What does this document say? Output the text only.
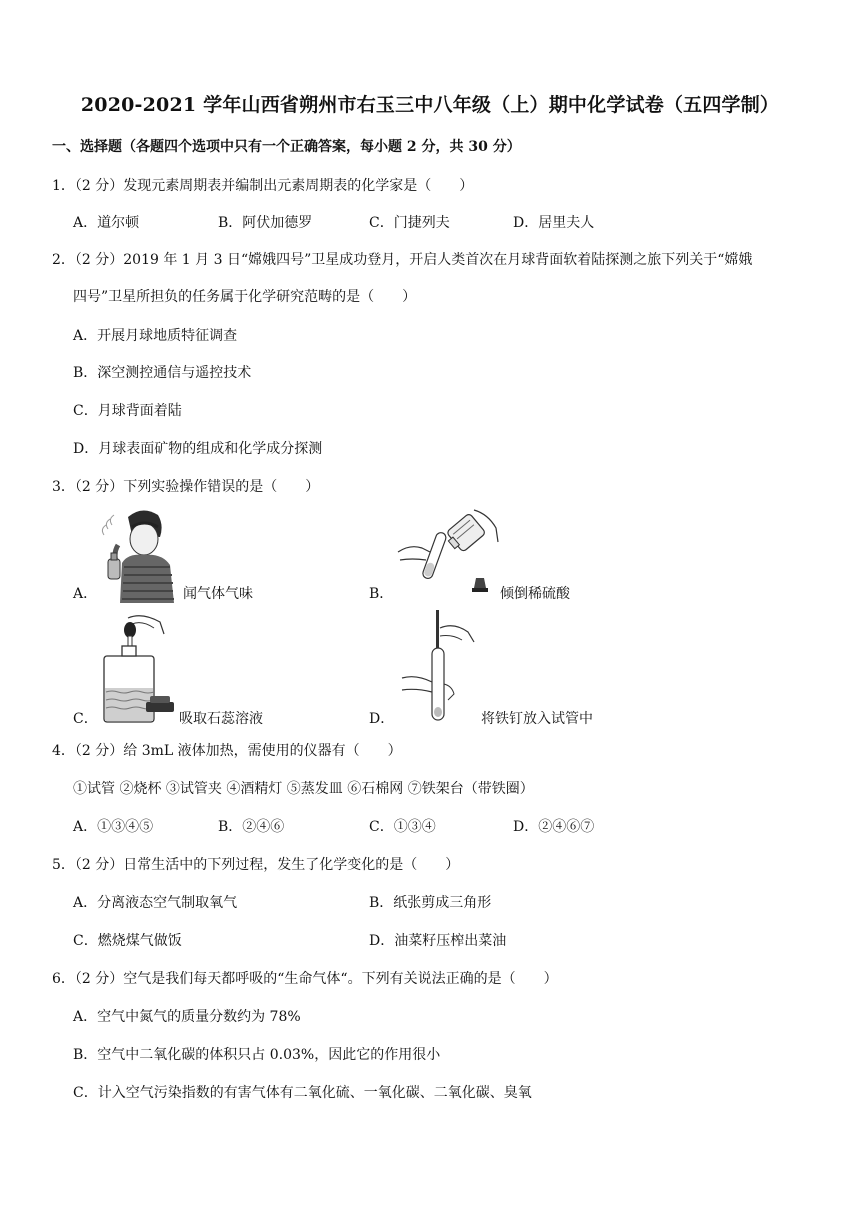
2020-2021 学年山西省朔州市右玉三中八年级（上）期中化学试卷（五四学制）
一、选择题（各题四个选项中只有一个正确答案，每小题 2 分，共 30 分）
1．（2 分）发现元素周期表并编制出元素周期表的化学家是（　　）
A．道尔顿	B．阿伏加德罗	C．门捷列夫	D．居里夫人
2．（2 分）2019 年 1 月 3 日“嫦娥四号”卫星成功登月，开启人类首次在月球背面软着陆探测之旅下列关于“嫦娥
四号”卫星所担负的任务属于化学研究范畴的是（　　）
A．开展月球地质特征调查
B．深空测控通信与遥控技术
C．月球背面着陆
D．月球表面矿物的组成和化学成分探测
3．（2 分）下列实验操作错误的是（　　）
A．	闻气体气味	B．	倾倒稀硫酸
C．	吸取石蕊溶液	D．	将铁钉放入试管中
4．（2 分）给 3mL 液体加热，需使用的仪器有（　　）
①试管 ②烧杯 ③试管夹 ④酒精灯 ⑤蒸发皿 ⑥石棉网 ⑦铁架台（带铁圈）
A．①③④⑤	B．②④⑥	C．①③④	D．②④⑥⑦
5．（2 分）日常生活中的下列过程，发生了化学变化的是（　　）
A．分离液态空气制取氧气	B．纸张剪成三角形
C．燃烧煤气做饭	D．油菜籽压榨出菜油
6．（2 分）空气是我们每天都呼吸的“生命气体“。下列有关说法正确的是（　　）
A．空气中氮气的质量分数约为 78%
B．空气中二氧化碳的体积只占 0.03%，因此它的作用很小
C．计入空气污染指数的有害气体有二氧化硫、一氧化碳、二氧化碳、臭氧
